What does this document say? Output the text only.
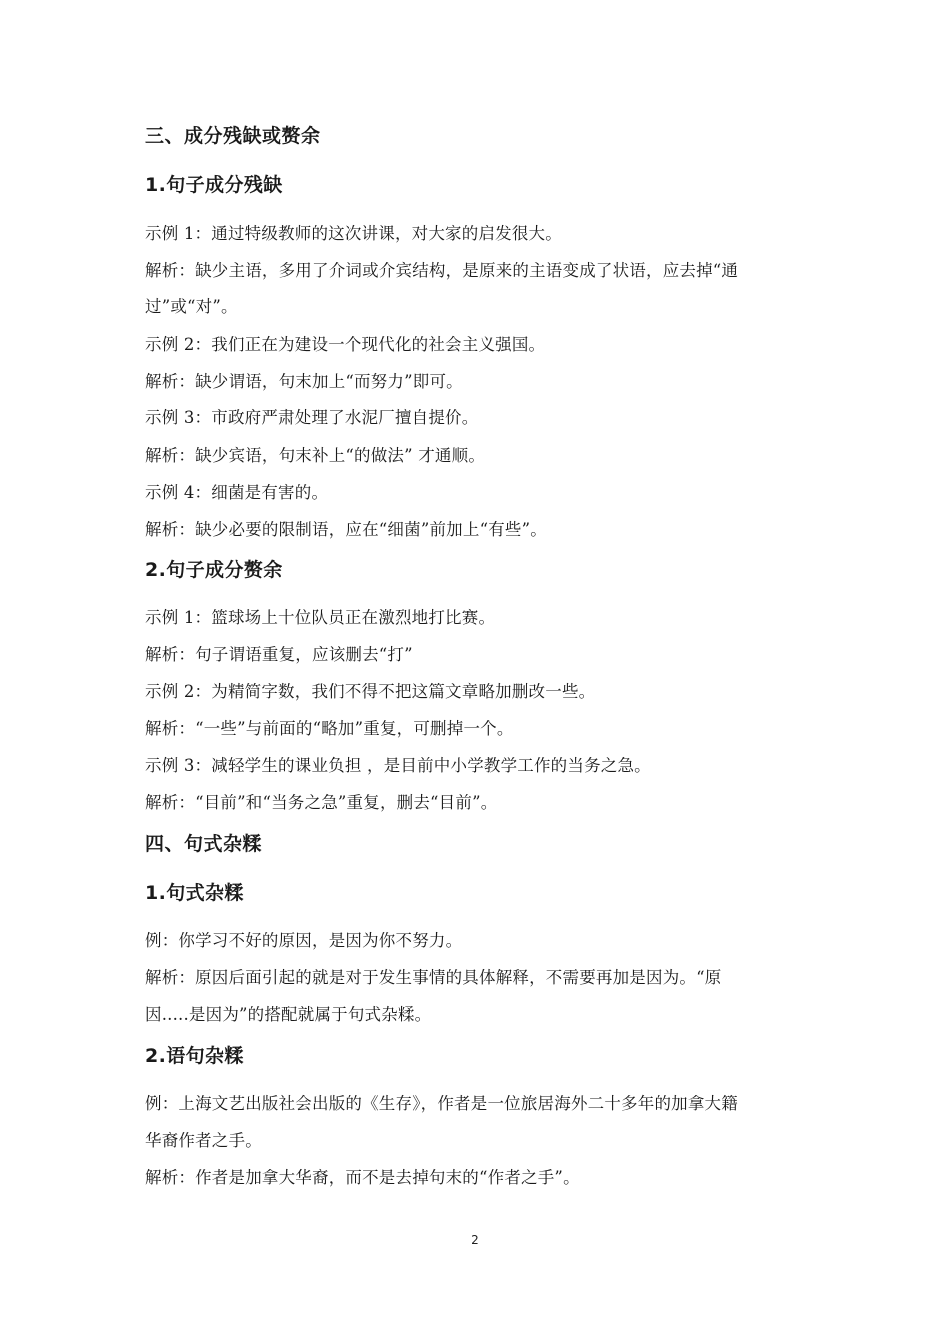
三、成分残缺或赘余
1.句子成分残缺
示例 1：通过特级教师的这次讲课，对大家的启发很大。
解析：缺少主语，多用了介词或介宾结构，是原来的主语变成了状语，应去掉“通
过”或“对”。
示例 2：我们正在为建设一个现代化的社会主义强国。
解析：缺少谓语，句末加上“而努力”即可。
示例 3：市政府严肃处理了水泥厂擅自提价。
解析：缺少宾语，句末补上“的做法” 才通顺。
示例 4：细菌是有害的。
解析：缺少必要的限制语，应在“细菌”前加上“有些”。
2.句子成分赘余
示例 1：篮球场上十位队员正在激烈地打比赛。
解析：句子谓语重复，应该删去“打”
示例 2：为精简字数，我们不得不把这篇文章略加删改一些。
解析：“一些”与前面的“略加”重复，可删掉一个。
示例 3：减轻学生的课业负担 ，是目前中小学教学工作的当务之急。
解析：“目前”和“当务之急”重复，删去“目前”。
四、句式杂糅
1.句式杂糅
例：你学习不好的原因，是因为你不努力。
解析：原因后面引起的就是对于发生事情的具体解释，不需要再加是因为。“原
因.....是因为”的搭配就属于句式杂糅。
2.语句杂糅
例：上海文艺出版社会出版的《生存》，作者是一位旅居海外二十多年的加拿大籍
华裔作者之手。
解析：作者是加拿大华裔，而不是去掉句末的“作者之手”。
2
